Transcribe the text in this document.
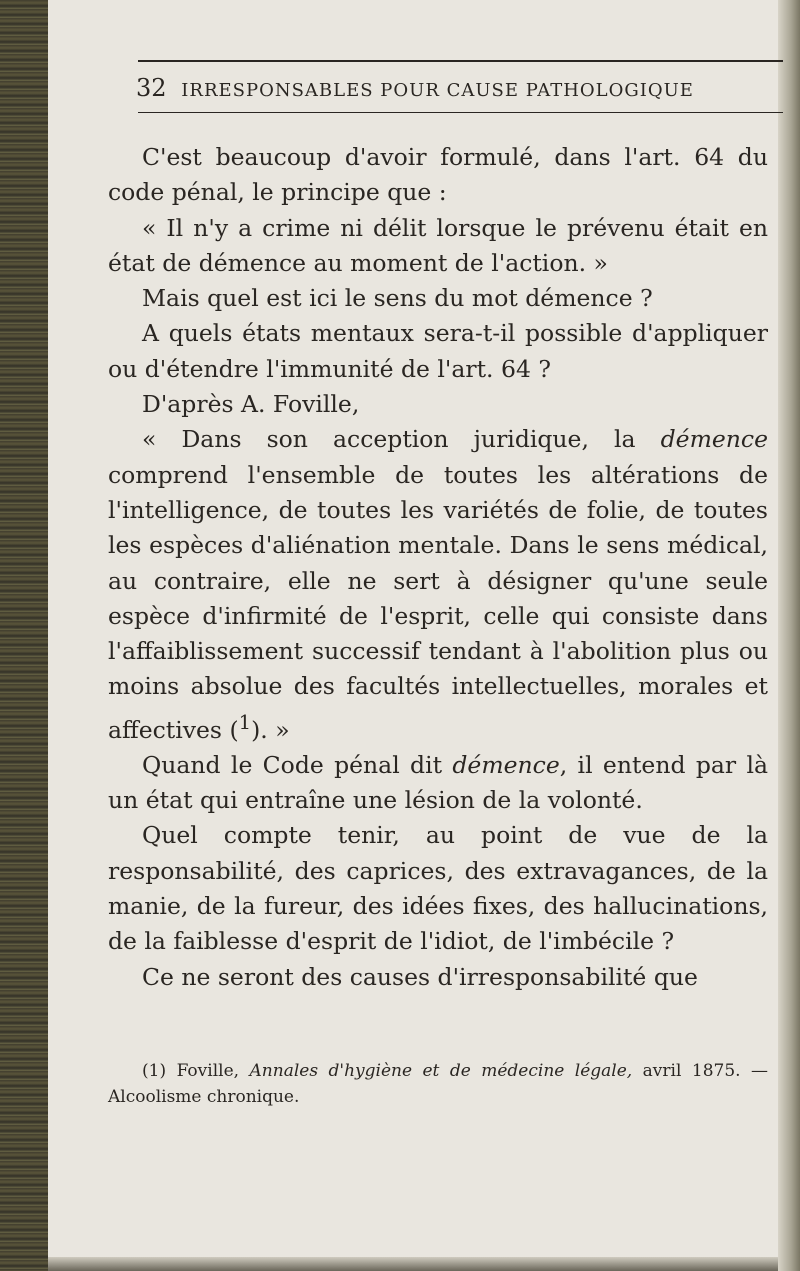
32 IRRESPONSABLES POUR CAUSE PATHOLOGIQUE

C'est beaucoup d'avoir formulé, dans l'art. 64 du code pénal, le principe que :

« Il n'y a crime ni délit lorsque le prévenu était en état de démence au moment de l'action. »

Mais quel est ici le sens du mot démence ?

A quels états mentaux sera-t-il possible d'appliquer ou d'étendre l'immunité de l'art. 64 ?

D'après A. Foville,

« Dans son acception juridique, la démence comprend l'ensemble de toutes les altérations de l'intelligence, de toutes les variétés de folie, de toutes les espèces d'aliénation mentale. Dans le sens médical, au contraire, elle ne sert à désigner qu'une seule espèce d'infirmité de l'esprit, celle qui consiste dans l'affaiblissement successif tendant à l'abolition plus ou moins absolue des facultés intellectuelles, morales et affectives ($^1$). »

Quand le Code pénal dit démence, il entend par là un état qui entraîne une lésion de la volonté.

Quel compte tenir, au point de vue de la responsabilité, des caprices, des extravagances, de la manie, de la fureur, des idées fixes, des hallucinations, de la faiblesse d'esprit de l'idiot, de l'imbécile ?

Ce ne seront des causes d'irresponsabilité que

(1) Foville, Annales d'hygiène et de médecine légale, avril 1875. — Alcoolisme chronique.
